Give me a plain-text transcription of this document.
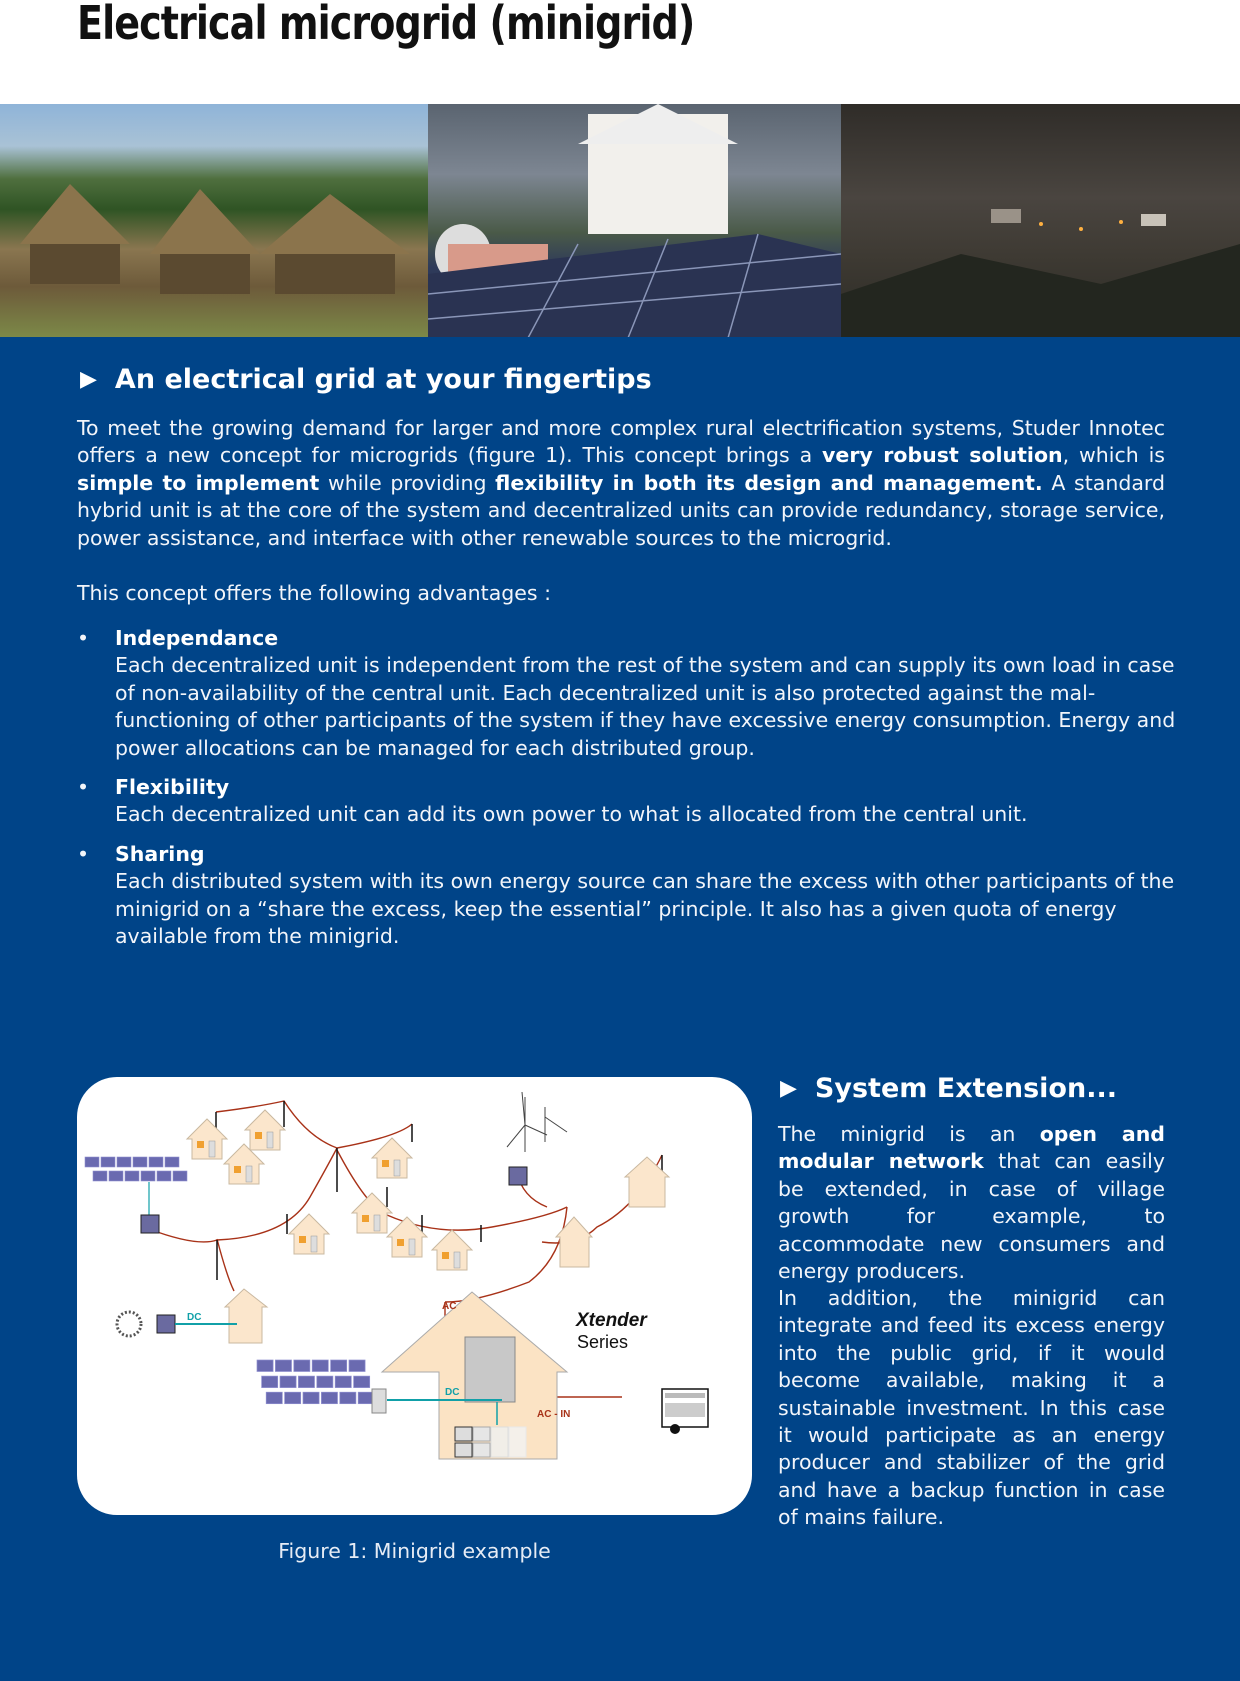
Electrical microgrid (minigrid)
▶ An electrical grid at your fingertips

To meet the growing demand for larger and more complex rural electrification systems, Studer Innotec offers a new concept for microgrids (figure 1). This concept brings a very robust solution, which is simple to implement while providing flexibility in both its design and management. A standard hybrid unit is at the core of the system and decentralized units can provide redundancy, storage service, power assistance, and interface with other renewable sources to the microgrid.

This concept offers the following advantages :

• Independance
Each decentralized unit is independent from the rest of the system and can supply its own load in case of non-availability of the central unit. Each decentralized unit is also protected against the mal-functioning of other participants of the system if they have excessive energy consumption. Energy and power allocations can be managed for each distributed group.
• Flexibility
Each decentralized unit can add its own power to what is allocated from the central unit.
• Sharing
Each distributed system with its own energy source can share the excess with other participants of the minigrid on a “share the excess, keep the essential” principle. It also has a given quota of energy available from the minigrid.
DC
DC
AC
AC - IN
Xtender
Series

Figure 1: Minigrid example

▶ System Extension...

The minigrid is an open and modular network that can easily be extended, in case of village growth for example, to accommodate new consumers and energy producers.

In addition, the minigrid can integrate and feed its excess energy into the public grid, if it would become available, making it a sustainable investment. In this case it would participate as an energy producer and stabilizer of the grid and have a backup function in case of mains failure.
